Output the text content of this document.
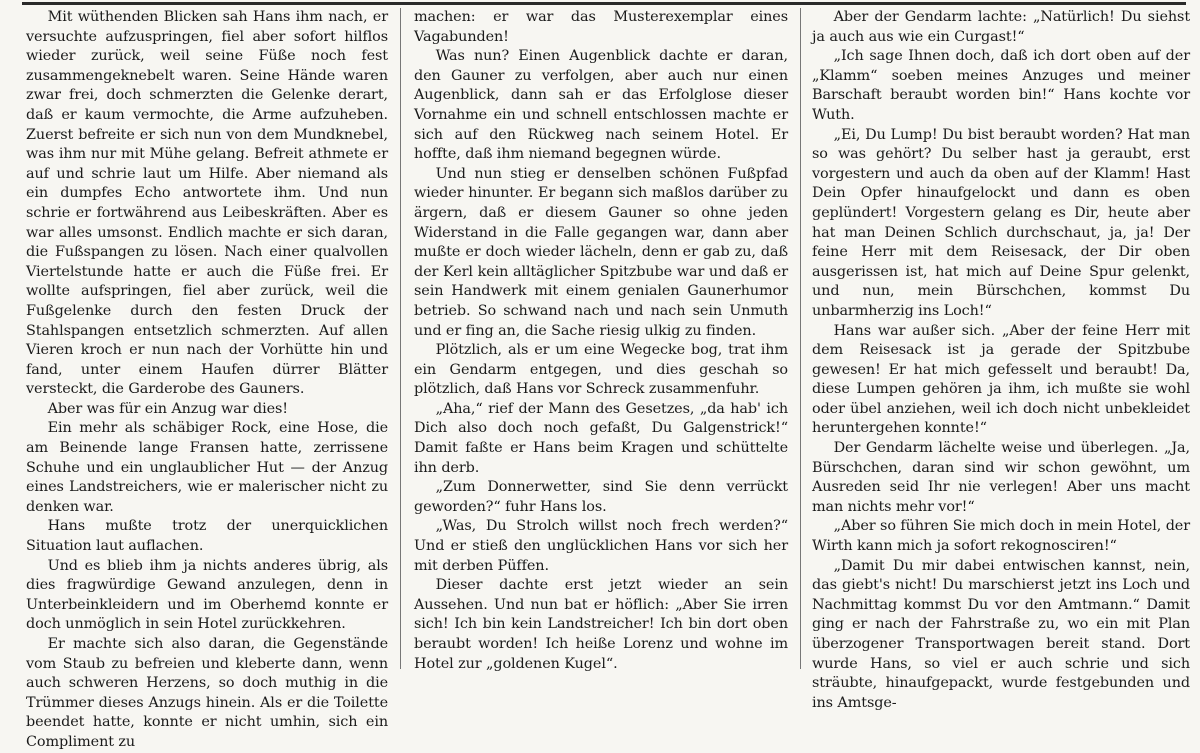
Mit wüthenden Blicken sah Hans ihm nach, er versuchte aufzuspringen, fiel aber sofort hilflos wieder zurück, weil seine Füße noch fest zusammengeknebelt waren. Seine Hände waren zwar frei, doch schmerzten die Gelenke derart, daß er kaum vermochte, die Arme aufzuheben. Zuerst befreite er sich nun von dem Mundknebel, was ihm nur mit Mühe gelang. Befreit athmete er auf und schrie laut um Hilfe. Aber niemand als ein dumpfes Echo antwortete ihm. Und nun schrie er fortwährend aus Leibeskräften. Aber es war alles umsonst. Endlich machte er sich daran, die Fußspangen zu lösen. Nach einer qualvollen Viertelstunde hatte er auch die Füße frei. Er wollte aufspringen, fiel aber zurück, weil die Fußgelenke durch den festen Druck der Stahlspangen entsetzlich schmerzten. Auf allen Vieren kroch er nun nach der Vorhütte hin und fand, unter einem Haufen dürrer Blätter versteckt, die Garderobe des Gauners.

Aber was für ein Anzug war dies!

Ein mehr als schäbiger Rock, eine Hose, die am Beinende lange Fransen hatte, zerrissene Schuhe und ein unglaublicher Hut — der Anzug eines Landstreichers, wie er malerischer nicht zu denken war.

Hans mußte trotz der unerquicklichen Situation laut auflachen.

Und es blieb ihm ja nichts anderes übrig, als dies fragwürdige Gewand anzulegen, denn in Unterbeinkleidern und im Oberhemd konnte er doch unmöglich in sein Hotel zurückkehren.

Er machte sich also daran, die Gegenstände vom Staub zu befreien und kleberte dann, wenn auch schweren Herzens, so doch muthig in die Trümmer dieses Anzugs hinein. Als er die Toilette beendet hatte, konnte er nicht umhin, sich ein Compliment zu

machen: er war das Musterexemplar eines Vagabunden!

Was nun? Einen Augenblick dachte er daran, den Gauner zu verfolgen, aber auch nur einen Augenblick, dann sah er das Erfolglose dieser Vornahme ein und schnell entschlossen machte er sich auf den Rückweg nach seinem Hotel. Er hoffte, daß ihm niemand begegnen würde.

Und nun stieg er denselben schönen Fußpfad wieder hinunter. Er begann sich maßlos darüber zu ärgern, daß er diesem Gauner so ohne jeden Widerstand in die Falle gegangen war, dann aber mußte er doch wieder lächeln, denn er gab zu, daß der Kerl kein alltäglicher Spitzbube war und daß er sein Handwerk mit einem genialen Gaunerhumor betrieb. So schwand nach und nach sein Unmuth und er fing an, die Sache riesig ulkig zu finden.

Plötzlich, als er um eine Wegecke bog, trat ihm ein Gendarm entgegen, und dies geschah so plötzlich, daß Hans vor Schreck zusammenfuhr.

„Aha,“ rief der Mann des Gesetzes, „da hab' ich Dich also doch noch gefaßt, Du Galgenstrick!“ Damit faßte er Hans beim Kragen und schüttelte ihn derb.

„Zum Donnerwetter, sind Sie denn verrückt geworden?“ fuhr Hans los.

„Was, Du Strolch willst noch frech werden?“ Und er stieß den unglücklichen Hans vor sich her mit derben Püffen.

Dieser dachte erst jetzt wieder an sein Aussehen. Und nun bat er höflich: „Aber Sie irren sich! Ich bin kein Landstreicher! Ich bin dort oben beraubt worden! Ich heiße Lorenz und wohne im Hotel zur „goldenen Kugel“.

Aber der Gendarm lachte: „Natürlich! Du siehst ja auch aus wie ein Curgast!“

„Ich sage Ihnen doch, daß ich dort oben auf der „Klamm“ soeben meines Anzuges und meiner Barschaft beraubt worden bin!“ Hans kochte vor Wuth.

„Ei, Du Lump! Du bist beraubt worden? Hat man so was gehört? Du selber hast ja geraubt, erst vorgestern und auch da oben auf der Klamm! Hast Dein Opfer hinaufgelockt und dann es oben geplündert! Vorgestern gelang es Dir, heute aber hat man Deinen Schlich durchschaut, ja, ja! Der feine Herr mit dem Reisesack, der Dir oben ausgerissen ist, hat mich auf Deine Spur gelenkt, und nun, mein Bürschchen, kommst Du unbarmherzig ins Loch!“

Hans war außer sich. „Aber der feine Herr mit dem Reisesack ist ja gerade der Spitzbube gewesen! Er hat mich gefesselt und beraubt! Da, diese Lumpen gehören ja ihm, ich mußte sie wohl oder übel anziehen, weil ich doch nicht unbekleidet heruntergehen konnte!“

Der Gendarm lächelte weise und überlegen. „Ja, Bürschchen, daran sind wir schon gewöhnt, um Ausreden seid Ihr nie verlegen! Aber uns macht man nichts mehr vor!“

„Aber so führen Sie mich doch in mein Hotel, der Wirth kann mich ja sofort rekognosciren!“

„Damit Du mir dabei entwischen kannst, nein, das giebt's nicht! Du marschierst jetzt ins Loch und Nachmittag kommst Du vor den Amtmann.“ Damit ging er nach der Fahrstraße zu, wo ein mit Plan überzogener Transportwagen bereit stand. Dort wurde Hans, so viel er auch schrie und sich sträubte, hinaufgepackt, wurde festgebunden und ins Amtsge-
